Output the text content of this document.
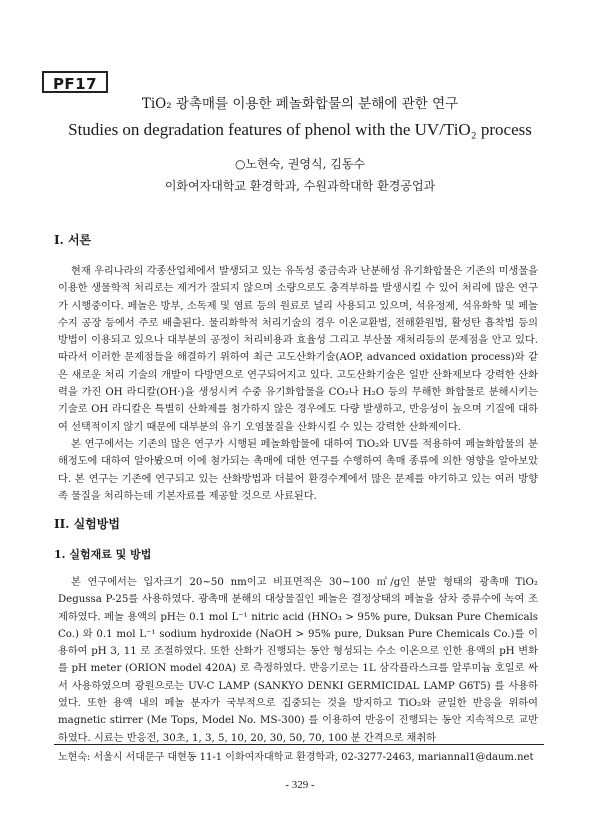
PF17
TiO₂ 광촉매를 이용한 페놀화합물의 분해에 관한 연구
Studies on degradation features of phenol with the UV/TiO₂ process
○노현숙, 권영식, 김동수
이화여자대학교 환경학과, 수원과학대학 환경공업과
I. 서론

현재 우리나라의 각종산업체에서 발생되고 있는 유독성 중금속과 난분해성 유기화합물은 기존의 미생물을 이용한 생물학적 처리로는 제거가 잘되지 않으며 소량으로도 충격부하를 발생시킬 수 있어 처리에 많은 연구가 시행중이다. 페놀은 방부, 소독제 및 염료 등의 원료로 널리 사용되고 있으며, 석유정제, 석유화학 및 페놀수지 공장 등에서 주로 배출된다. 물리화학적 처리기술의 경우 이온교환법, 전해환원법, 활성탄 흡착법 등의 방법이 이용되고 있으나 대부분의 공정이 처리비용과 효율성 그리고 부산물 재처리등의 문제점을 안고 있다. 따라서 이러한 문제점들을 해결하기 위하여 최근 고도산화기술(AOP, advanced oxidation process)와 같은 새로운 처리 기술의 개발이 다방면으로 연구되어지고 있다. 고도산화기술은 일반 산화제보다 강력한 산화력을 가진 OH 라디칼(OH·)을 생성시켜 수중 유기화합물을 CO₂나 H₂O 등의 무해한 화합물로 분해시키는 기술로 OH 라디칼은 특별히 산화제를 첨가하지 않은 경우에도 다량 발생하고, 반응성이 높으며 기질에 대하여 선택적이지 않기 때문에 대부분의 유기 오염물질을 산화시킬 수 있는 강력한 산화제이다.

본 연구에서는 기존의 많은 연구가 시행된 페놀화합물에 대하여 TiO₂와 UV를 적용하여 페놀화합물의 분해정도에 대하여 알아봤으며 이에 첨가되는 촉매에 대한 연구를 수행하여 촉매 종류에 의한 영향을 알아보았다. 본 연구는 기존에 연구되고 있는 산화방법과 더불어 환경수계에서 많은 문제를 야기하고 있는 여러 방향족 물질을 처리하는데 기본자료를 제공할 것으로 사료된다.

II. 실험방법
1. 실험재료 및 방법

본 연구에서는 입자크기 20~50 nm이고 비표면적은 30~100 ㎡/g인 분말 형태의 광촉매 TiO₂ Degussa P-25를 사용하였다. 광촉매 분해의 대상물질인 페놀은 결정상태의 페놀을 삼차 증류수에 녹여 조제하였다. 페놀 용액의 pH는 0.1 mol L⁻¹ nitric acid (HNO₃ > 95% pure, Duksan Pure Chemicals Co.) 와 0.1 mol L⁻¹ sodium hydroxide (NaOH > 95% pure, Duksan Pure Chemicals Co.)를 이용하여 pH 3, 11 로 조절하였다. 또한 산화가 진행되는 동안 형성되는 수소 이온으로 인한 용액의 pH 변화를 pH meter (ORION model 420A) 로 측정하였다. 반응기로는 1L 삼각플라스크를 알루미늄 호일로 싸서 사용하였으며 광원으로는 UV-C LAMP (SANKYO DENKI GERMICIDAL LAMP G6T5) 를 사용하였다. 또한 용액 내의 페놀 분자가 국부적으로 집중되는 것을 방지하고 TiO₂와 균일한 반응을 위하여 magnetic stirrer (Me Tops, Model No. MS-300) 를 이용하여 반응이 진행되는 동안 지속적으로 교반하였다. 시료는 반응전, 30초, 1, 3, 5, 10, 20, 30, 50, 70, 100 분 간격으로 채취하

노현숙: 서울시 서대문구 대현동 11-1 이화여자대학교 환경학과, 02-3277-2463, mariannal1@daum.net
- 329 -
